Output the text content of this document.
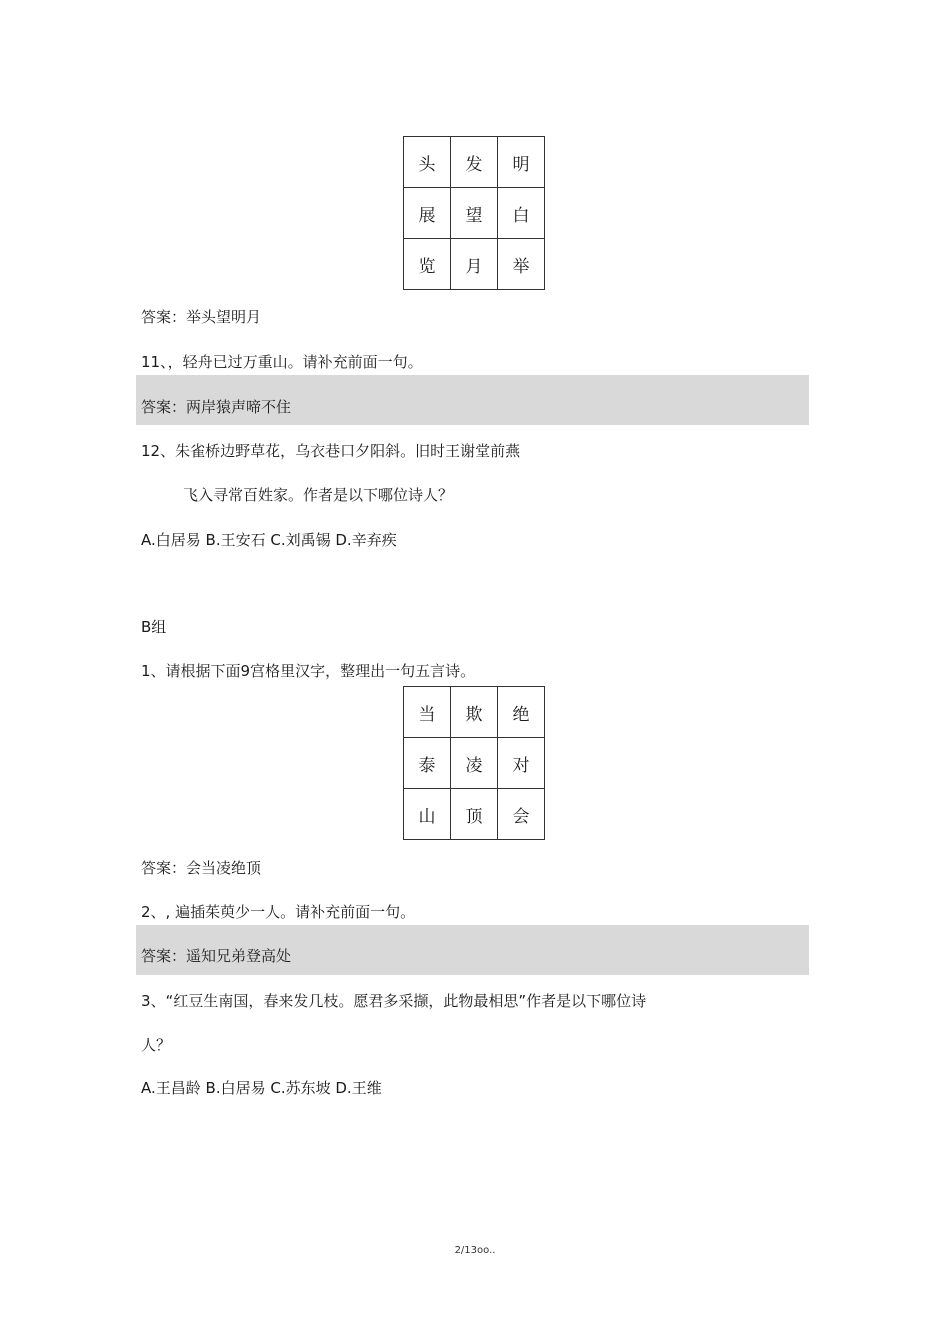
头	发	明
展	望	白
览	月	举
答案：举头望明月
11、，轻舟已过万重山。请补充前面一句。
答案：两岸猿声啼不住
12、朱雀桥边野草花，乌衣巷口夕阳斜。旧时王谢堂前燕
飞入寻常百姓家。作者是以下哪位诗人？
A.白居易 B.王安石 C.刘禹锡 D.辛弃疾
B组
1、请根据下面9宫格里汉字，整理出一句五言诗。
当	欺	绝
泰	凌	对
山	顶	会
答案：会当凌绝顶
2、, 遍插茱萸少一人。请补充前面一句。
答案：遥知兄弟登高处
3、“红豆生南国，春来发几枝。愿君多采撷，此物最相思”作者是以下哪位诗
人？
A.王昌龄 B.白居易 C.苏东坡 D.王维
2/13oo..
